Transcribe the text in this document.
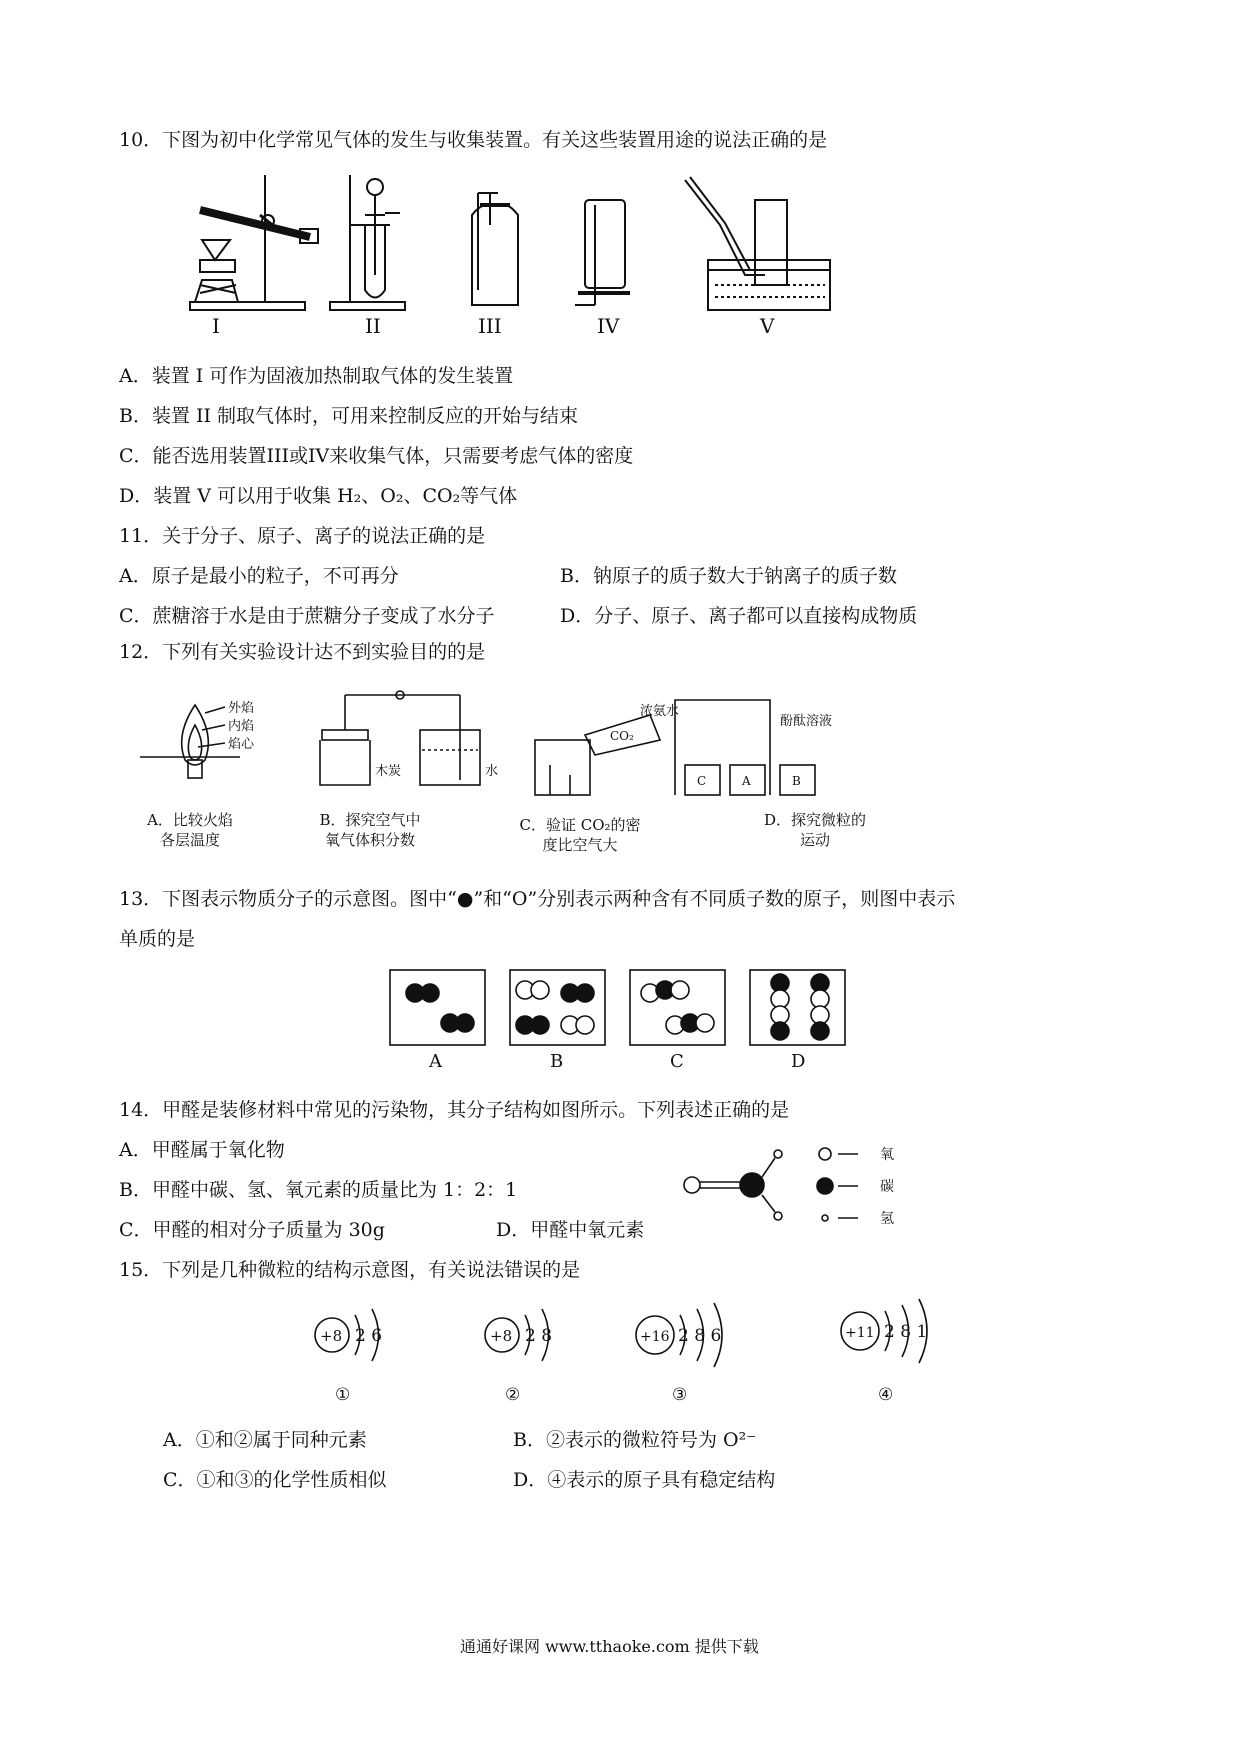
10．下图为初中化学常见气体的发生与收集装置。有关这些装置用途的说法正确的是
I	II	III	IV	V
A．装置 I 可作为固液加热制取气体的发生装置
B．装置 II 制取气体时，可用来控制反应的开始与结束
C．能否选用装置III或IV来收集气体，只需要考虑气体的密度
D．装置 V 可以用于收集 H₂、O₂、CO₂等气体
11．关于分子、原子、离子的说法正确的是
A．原子是最小的粒子，不可再分	B．钠原子的质子数大于钠离子的质子数
C．蔗糖溶于水是由于蔗糖分子变成了水分子	D．分子、原子、离子都可以直接构成物质
12．下列有关实验设计达不到实验目的的是
外焰
内焰
焰心
木炭	水
CO₂
浓氨水
酚酞溶液
C	A	B
A．比较火焰
各层温度
B．探究空气中
氧气体积分数
C．验证 CO₂的密
度比空气大
D．探究微粒的
运动
13．下图表示物质分子的示意图。图中“●”和“O”分别表示两种含有不同质子数的原子，则图中表示
单质的是
A	B	C	D
14．甲醛是装修材料中常见的污染物，其分子结构如图所示。下列表述正确的是
A．甲醛属于氧化物
B．甲醛中碳、氢、氧元素的质量比为 1：2：1
C．甲醛的相对分子质量为 30g	D．甲醛中氧元素
氧
碳
氢
15．下列是几种微粒的结构示意图，有关说法错误的是
+8 2 6
①
+8 2 8
②
+16 2 8 6
③
+11 2 8 1
④
A．①和②属于同种元素	B．②表示的微粒符号为 O²⁻
C．①和③的化学性质相似	D．④表示的原子具有稳定结构
通通好课网 www.tthaoke.com 提供下载
